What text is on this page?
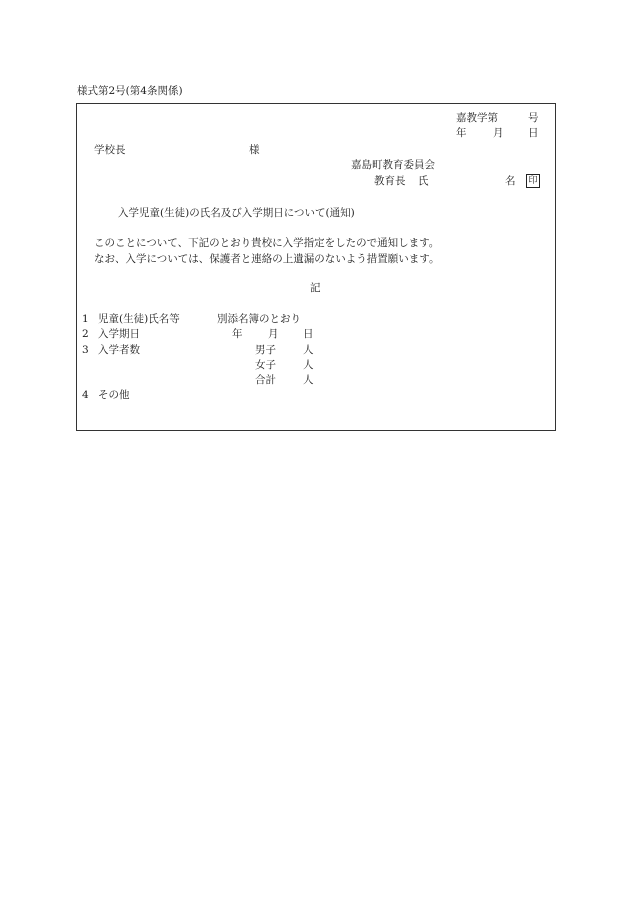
様式第2号(第4条関係)
嘉教学第	号
年	月 日
学校長	様
嘉島町教育委員会
教育長 氏	名 印
入学児童(生徒)の氏名及び入学期日について(通知)
このことについて、下記のとおり貴校に入学指定をしたので通知します。
なお、入学については、保護者と連絡の上遺漏のないよう措置願います。
記
1 児童(生徒)氏名等	別添名簿のとおり
2 入学期日	年 月 日
3 入学者数	男子	人
女子	人
合計	人
4 その他
